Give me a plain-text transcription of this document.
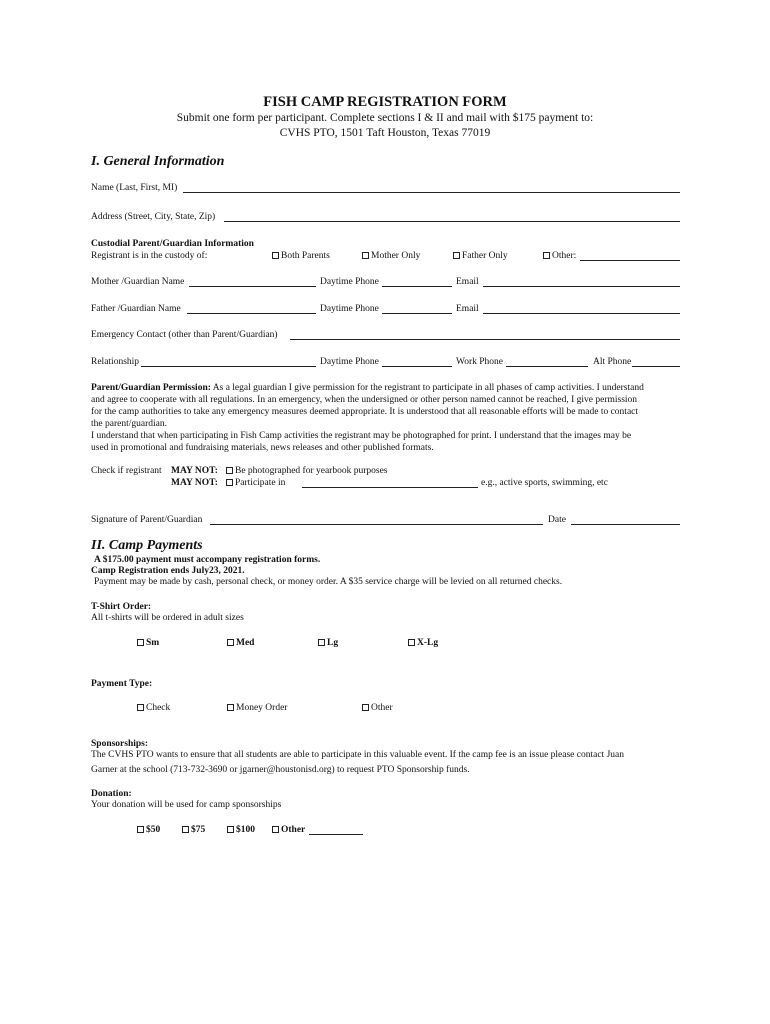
FISH CAMP REGISTRATION FORM
Submit one form per participant. Complete sections I & II and mail with $175 payment to:
CVHS PTO, 1501 Taft Houston, Texas 77019
I. General Information
Name (Last, First, MI)
Address (Street, City, State, Zip)
Custodial Parent/Guardian Information
Registrant is in the custody of:	Both Parents	Mother Only	Father Only	Other:
Mother /Guardian Name	Daytime Phone	Email
Father /Guardian Name	Daytime Phone	Email
Emergency Contact (other than Parent/Guardian)
Relationship	Daytime Phone	Work Phone	Alt Phone
Parent/Guardian Permission: As a legal guardian I give permission for the registrant to participate in all phases of camp activities. I understand
and agree to cooperate with all regulations. In an emergency, when the undersigned or other person named cannot be reached, I give permission
for the camp authorities to take any emergency measures deemed appropriate. It is understood that all reasonable efforts will be made to contact
the parent/guardian.
I understand that when participating in Fish Camp activities the registrant may be photographed for print. I understand that the images may be
used in promotional and fundraising materials, news releases and other published formats.
Check if registrant MAY NOT:	Be photographed for yearbook purposes
MAY NOT:	Participate in	e.g., active sports, swimming, etc
Signature of Parent/Guardian	Date
II. Camp Payments
A $175.00 payment must accompany registration forms.
Camp Registration ends July23, 2021.
Payment may be made by cash, personal check, or money order. A $35 service charge will be levied on all returned checks.
T-Shirt Order:
All t-shirts will be ordered in adult sizes
Sm	Med	Lg	X-Lg
Payment Type:
Check	Money Order	Other
Sponsorships:
The CVHS PTO wants to ensure that all students are able to participate in this valuable event. If the camp fee is an issue please contact Juan
Garner at the school (713-732-3690 or jgarner@houstonisd.org) to request PTO Sponsorship funds.
Donation:
Your donation will be used for camp sponsorships
$50	$75	$100	Other
